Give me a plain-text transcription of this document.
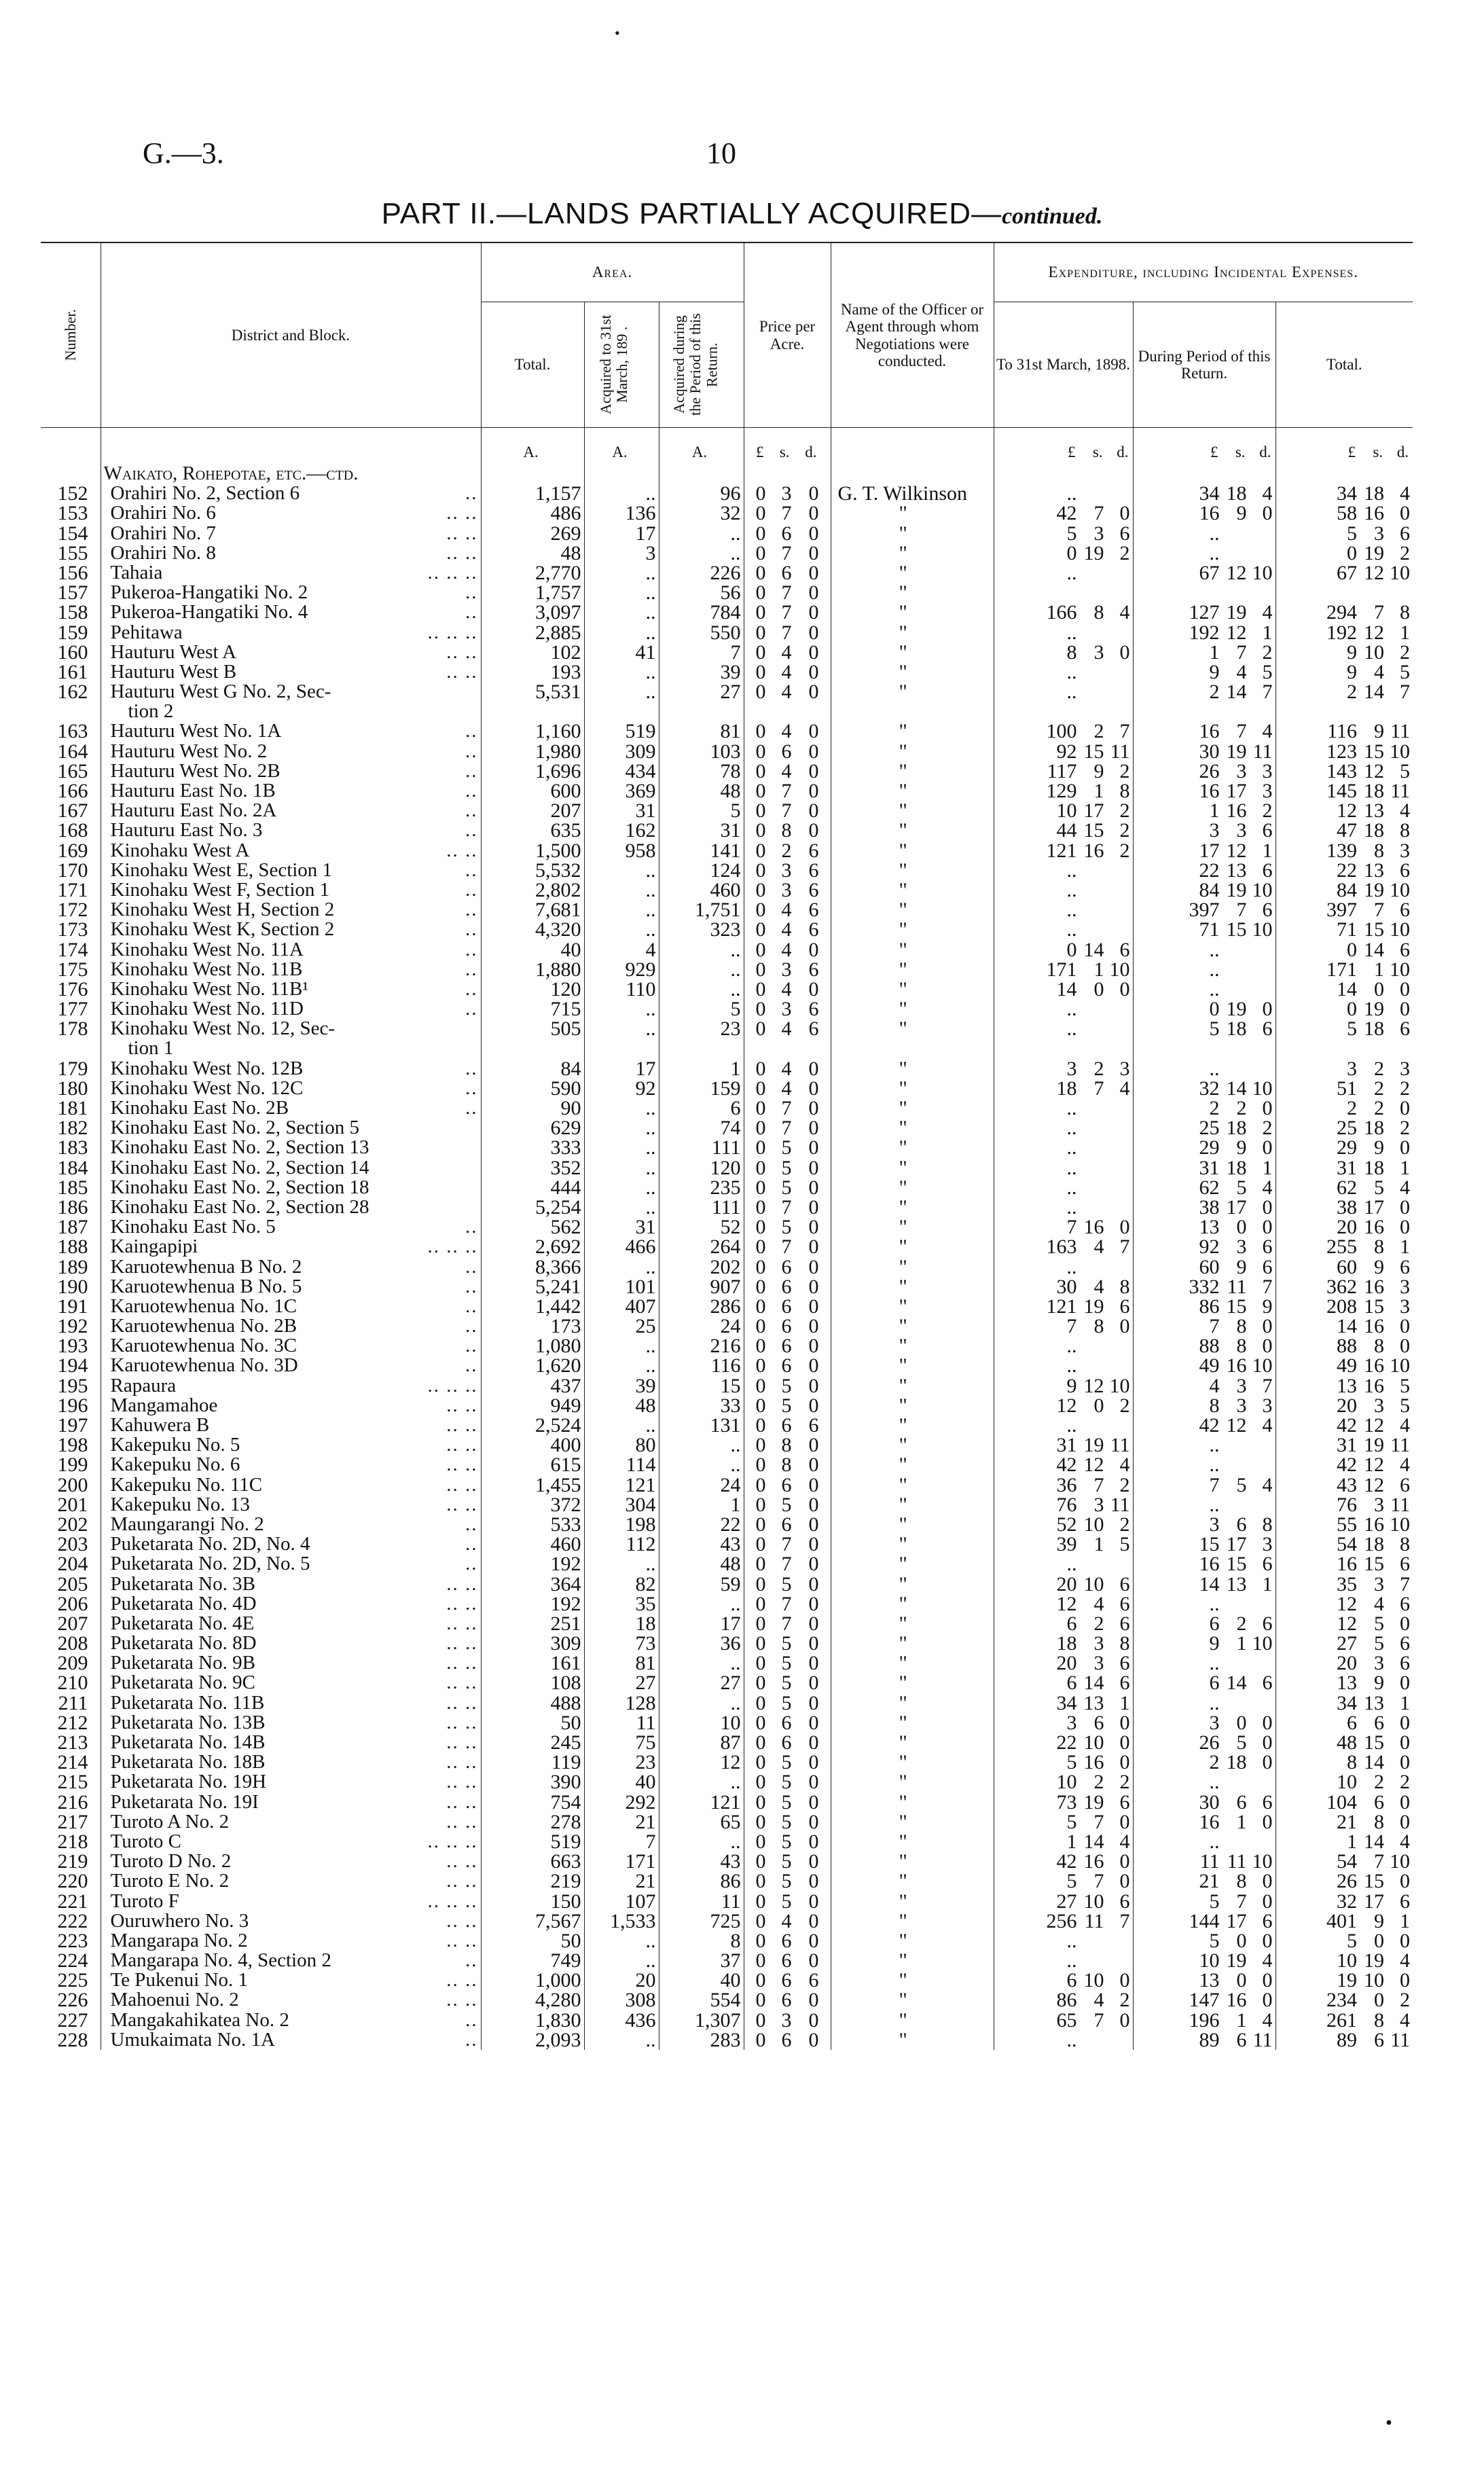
•
G.—3.	10
PART II.—LANDS PARTIALLY ACQUIRED—continued.
Number.	District and Block.	Area.			Price per Acre.	Name of the Officer or Agent through whom Negotiations were conducted.	Expenditure, including Incidental Expenses.		
		Total.	Acquired to 31st March, 189 .	Acquired during the Period of this Return.			To 31st March, 1898.	During Period of this Return.	Total.
		A.	A.	A.	£ s. d.		£ s. d.	£ s. d.	£ s. d.

	Waikato, Rohepotae, etc.—ctd.								
152	Orahiri No. 2, Section 6 ..	1,157	..	96	0 3 0	G. T. Wilkinson	..	34 18 4	34 18 4

153	Orahiri No. 6 .. ..	486	136	32	0 7 0	"	42 7 0	16 9 0	58 16 0

154	Orahiri No. 7 .. ..	269	17	..	0 6 0	"	5 3 6	..	5 3 6

155	Orahiri No. 8 .. ..	48	3	..	0 7 0	"	0 19 2	..	0 19 2

156	Tahaia .. .. ..	2,770	..	226	0 6 0	"	..	67 12 10	67 12 10

157	Pukeroa-Hangatiki No. 2 ..	1,757	..	56	0 7 0	"	

158	Pukeroa-Hangatiki No. 4 ..	3,097	..	784	0 7 0	"	166 8 4	127 19 4	294 7 8

159	Pehitawa .. .. ..	2,885	..	550	0 7 0	"	..	192 12 1	192 12 1

160	Hauturu West A .. ..	102	41	7	0 4 0	"	8 3 0	1 7 2	9 10 2

161	Hauturu West B .. ..	193	..	39	0 4 0	"	..	9 4 5	9 4 5

162	Hauturu West G No. 2, Sec-	5,531	..	27	0 4 0	"	..	2 14 7	2 14 7

	tion 2

163	Hauturu West No. 1A ..	1,160	519	81	0 4 0	"	100 2 7	16 7 4	116 9 11

164	Hauturu West No. 2 ..	1,980	309	103	0 6 0	"	92 15 11	30 19 11	123 15 10

165	Hauturu West No. 2B ..	1,696	434	78	0 4 0	"	117 9 2	26 3 3	143 12 5

166	Hauturu East No. 1B ..	600	369	48	0 7 0	"	129 1 8	16 17 3	145 18 11

167	Hauturu East No. 2A ..	207	31	5	0 7 0	"	10 17 2	1 16 2	12 13 4

168	Hauturu East No. 3 ..	635	162	31	0 8 0	"	44 15 2	3 3 6	47 18 8

169	Kinohaku West A .. ..	1,500	958	141	0 2 6	"	121 16 2	17 12 1	139 8 3

170	Kinohaku West E, Section 1 ..	5,532	..	124	0 3 6	"	..	22 13 6	22 13 6

171	Kinohaku West F, Section 1 ..	2,802	..	460	0 3 6	"	..	84 19 10	84 19 10

172	Kinohaku West H, Section 2 ..	7,681	..	1,751	0 4 6	"	..	397 7 6	397 7 6

173	Kinohaku West K, Section 2 ..	4,320	..	323	0 4 6	"	..	71 15 10	71 15 10

174	Kinohaku West No. 11A ..	40	4	..	0 4 0	"	0 14 6	..	0 14 6

175	Kinohaku West No. 11B ..	1,880	929	..	0 3 6	"	171 1 10	..	171 1 10

176	Kinohaku West No. 11B¹ ..	120	110	..	0 4 0	"	14 0 0	..	14 0 0

177	Kinohaku West No. 11D ..	715	..	5	0 3 6	"	..	0 19 0	0 19 0

178	Kinohaku West No. 12, Sec-	505	..	23	0 4 6	"	..	5 18 6	5 18 6

	tion 1

179	Kinohaku West No. 12B ..	84	17	1	0 4 0	"	3 2 3	..	3 2 3

180	Kinohaku West No. 12C ..	590	92	159	0 4 0	"	18 7 4	32 14 10	51 2 2

181	Kinohaku East No. 2B ..	90	..	6	0 7 0	"	..	2 2 0	2 2 0

182	Kinohaku East No. 2, Section 5	629	..	74	0 7 0	"	..	25 18 2	25 18 2

183	Kinohaku East No. 2, Section 13	333	..	111	0 5 0	"	..	29 9 0	29 9 0

184	Kinohaku East No. 2, Section 14	352	..	120	0 5 0	"	..	31 18 1	31 18 1

185	Kinohaku East No. 2, Section 18	444	..	235	0 5 0	"	..	62 5 4	62 5 4

186	Kinohaku East No. 2, Section 28	5,254	..	111	0 7 0	"	..	38 17 0	38 17 0

187	Kinohaku East No. 5 ..	562	31	52	0 5 0	"	7 16 0	13 0 0	20 16 0

188	Kaingapipi .. .. ..	2,692	466	264	0 7 0	"	163 4 7	92 3 6	255 8 1

189	Karuotewhenua B No. 2 ..	8,366	..	202	0 6 0	"	..	60 9 6	60 9 6

190	Karuotewhenua B No. 5 ..	5,241	101	907	0 6 0	"	30 4 8	332 11 7	362 16 3

191	Karuotewhenua No. 1C ..	1,442	407	286	0 6 0	"	121 19 6	86 15 9	208 15 3

192	Karuotewhenua No. 2B ..	173	25	24	0 6 0	"	7 8 0	7 8 0	14 16 0

193	Karuotewhenua No. 3C ..	1,080	..	216	0 6 0	"	..	88 8 0	88 8 0

194	Karuotewhenua No. 3D ..	1,620	..	116	0 6 0	"	..	49 16 10	49 16 10

195	Rapaura .. .. ..	437	39	15	0 5 0	"	9 12 10	4 3 7	13 16 5

196	Mangamahoe .. ..	949	48	33	0 5 0	"	12 0 2	8 3 3	20 3 5

197	Kahuwera B .. ..	2,524	..	131	0 6 6	"	..	42 12 4	42 12 4

198	Kakepuku No. 5 .. ..	400	80	..	0 8 0	"	31 19 11	..	31 19 11

199	Kakepuku No. 6 .. ..	615	114	..	0 8 0	"	42 12 4	..	42 12 4

200	Kakepuku No. 11C .. ..	1,455	121	24	0 6 0	"	36 7 2	7 5 4	43 12 6

201	Kakepuku No. 13 .. ..	372	304	1	0 5 0	"	76 3 11	..	76 3 11

202	Maungarangi No. 2 ..	533	198	22	0 6 0	"	52 10 2	3 6 8	55 16 10

203	Puketarata No. 2D, No. 4 ..	460	112	43	0 7 0	"	39 1 5	15 17 3	54 18 8

204	Puketarata No. 2D, No. 5 ..	192	..	48	0 7 0	"	..	16 15 6	16 15 6

205	Puketarata No. 3B .. ..	364	82	59	0 5 0	"	20 10 6	14 13 1	35 3 7

206	Puketarata No. 4D .. ..	192	35	..	0 7 0	"	12 4 6	..	12 4 6

207	Puketarata No. 4E .. ..	251	18	17	0 7 0	"	6 2 6	6 2 6	12 5 0

208	Puketarata No. 8D .. ..	309	73	36	0 5 0	"	18 3 8	9 1 10	27 5 6

209	Puketarata No. 9B .. ..	161	81	..	0 5 0	"	20 3 6	..	20 3 6

210	Puketarata No. 9C .. ..	108	27	27	0 5 0	"	6 14 6	6 14 6	13 9 0

211	Puketarata No. 11B .. ..	488	128	..	0 5 0	"	34 13 1	..	34 13 1

212	Puketarata No. 13B .. ..	50	11	10	0 6 0	"	3 6 0	3 0 0	6 6 0

213	Puketarata No. 14B .. ..	245	75	87	0 6 0	"	22 10 0	26 5 0	48 15 0

214	Puketarata No. 18B .. ..	119	23	12	0 5 0	"	5 16 0	2 18 0	8 14 0

215	Puketarata No. 19H .. ..	390	40	..	0 5 0	"	10 2 2	..	10 2 2

216	Puketarata No. 19I .. ..	754	292	121	0 5 0	"	73 19 6	30 6 6	104 6 0

217	Turoto A No. 2 .. ..	278	21	65	0 5 0	"	5 7 0	16 1 0	21 8 0

218	Turoto C .. .. ..	519	7	..	0 5 0	"	1 14 4	..	1 14 4

219	Turoto D No. 2 .. ..	663	171	43	0 5 0	"	42 16 0	11 11 10	54 7 10

220	Turoto E No. 2 .. ..	219	21	86	0 5 0	"	5 7 0	21 8 0	26 15 0

221	Turoto F .. .. ..	150	107	11	0 5 0	"	27 10 6	5 7 0	32 17 6

222	Ouruwhero No. 3 .. ..	7,567	1,533	725	0 4 0	"	256 11 7	144 17 6	401 9 1

223	Mangarapa No. 2 .. ..	50	..	8	0 6 0	"	..	5 0 0	5 0 0

224	Mangarapa No. 4, Section 2 ..	749	..	37	0 6 0	"	..	10 19 4	10 19 4

225	Te Pukenui No. 1 .. ..	1,000	20	40	0 6 6	"	6 10 0	13 0 0	19 10 0

226	Mahoenui No. 2 .. ..	4,280	308	554	0 6 0	"	86 4 2	147 16 0	234 0 2

227	Mangakahikatea No. 2 ..	1,830	436	1,307	0 3 0	"	65 7 0	196 1 4	261 8 4

228	Umukaimata No. 1A ..	2,093	..	283	0 6 0	"	..	89 6 11	89 6 11
•
